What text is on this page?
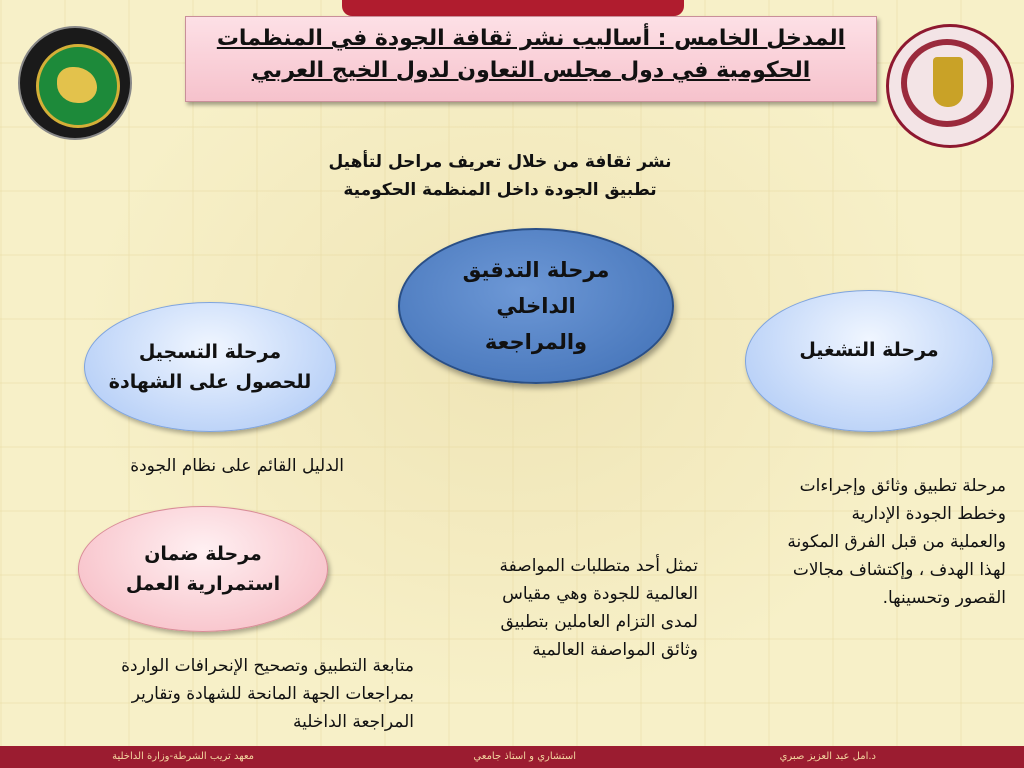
المدخل الخامس : أساليب نشر ثقافة الجودة في المنظمات
الحكومية في دول مجلس التعاون لدول الخيج العربي
نشر ثقافة من خلال تعريف مراحل لتأهيل
تطبيق الجودة داخل المنظمة الحكومية
مرحلة التدقيق
الداخلي
والمراجعة
مرحلة التسجيل
للحصول على الشهادة
مرحلة التشغيل
مرحلة ضمان
استمرارية العمل
الدليل القائم على نظام الجودة
مرحلة تطبيق وثائق وإجراءات
وخطط الجودة الإدارية
والعملية من قبل الفرق المكونة
لهذا الهدف ، وإكتشاف مجالات
القصور وتحسينها.
تمثل أحد متطلبات المواصفة
العالمية للجودة وهي مقياس
لمدى التزام العاملين بتطبيق
وثائق المواصفة العالمية
متابعة التطبيق وتصحيح الإنحرافات الواردة
بمراجعات الجهة المانحة للشهادة وتقارير
المراجعة الداخلية
د.امل عبد العزيز صبري
استشاري و استاذ جامعي
معهد تريب الشرطة-وزارة الداخلية
